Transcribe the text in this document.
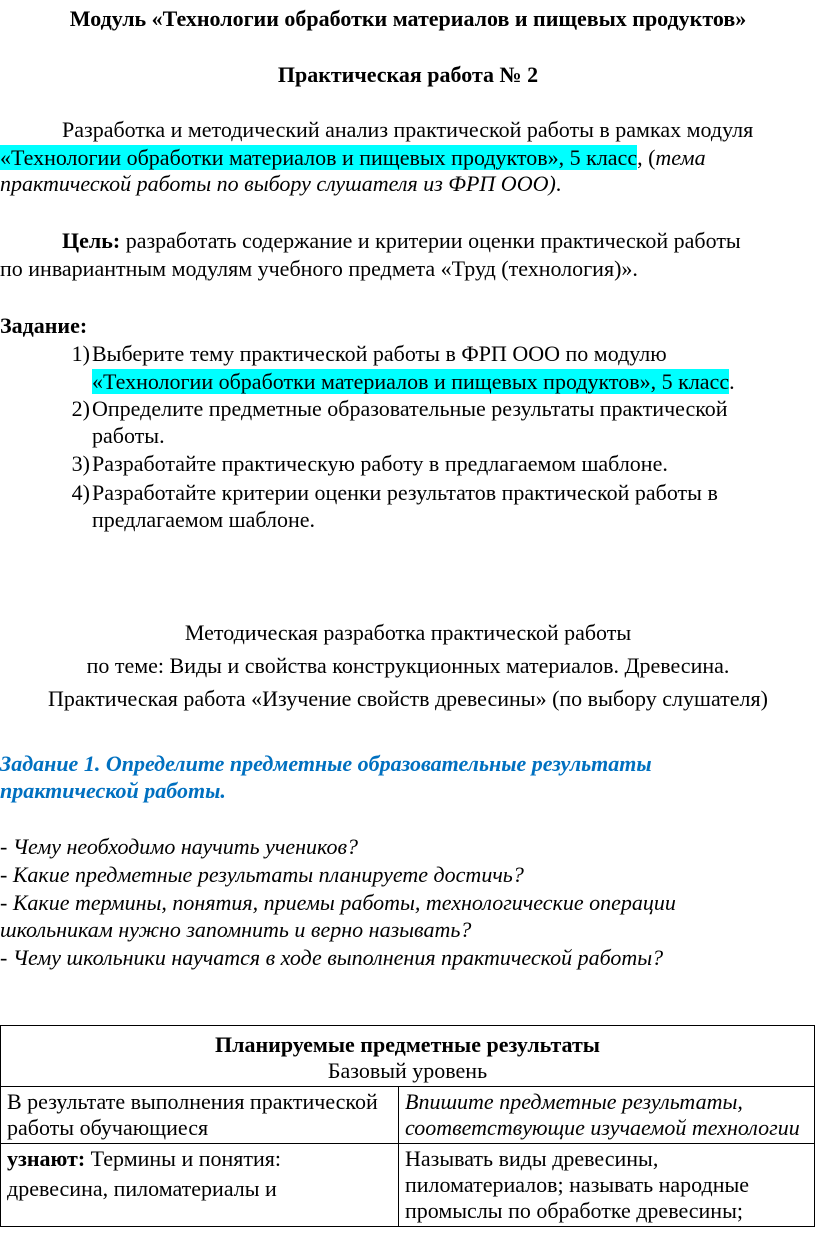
Модуль «Технологии обработки материалов и пищевых продуктов»
Практическая работа № 2
Разработка и методический анализ практической работы в рамках модуля
«Технологии обработки материалов и пищевых продуктов», 5 класс, (тема
практической работы по выбору слушателя из ФРП ООО).
Цель: разработать содержание и критерии оценки практической работы
по инвариантным модулям учебного предмета «Труд (технология)».
Задание:
1) Выберите тему практической работы в ФРП ООО по модулю
«Технологии обработки материалов и пищевых продуктов», 5 класс.
2) Определите предметные образовательные результаты практической
работы.
3) Разработайте практическую работу в предлагаемом шаблоне.
4) Разработайте критерии оценки результатов практической работы в
предлагаемом шаблоне.
Методическая разработка практической работы
по теме: Виды и свойства конструкционных материалов. Древесина.
Практическая работа «Изучение свойств древесины» (по выбору слушателя)
Задание 1. Определите предметные образовательные результаты
практической работы.
- Чему необходимо научить учеников?
- Какие предметные результаты планируете достичь?
- Какие термины, понятия, приемы работы, технологические операции
школьникам нужно запомнить и верно называть?
- Чему школьники научатся в ходе выполнения практической работы?
Планируемые предметные результаты
Базовый уровень	

В результате выполнения практической работы обучающиеся	Впишите предметные результаты, соответствующие изучаемой технологии
узнают: Термины и понятия:
древесина, пиломатериалы и	Называть виды древесины, пиломатериалов; называть народные промыслы по обработке древесины;
